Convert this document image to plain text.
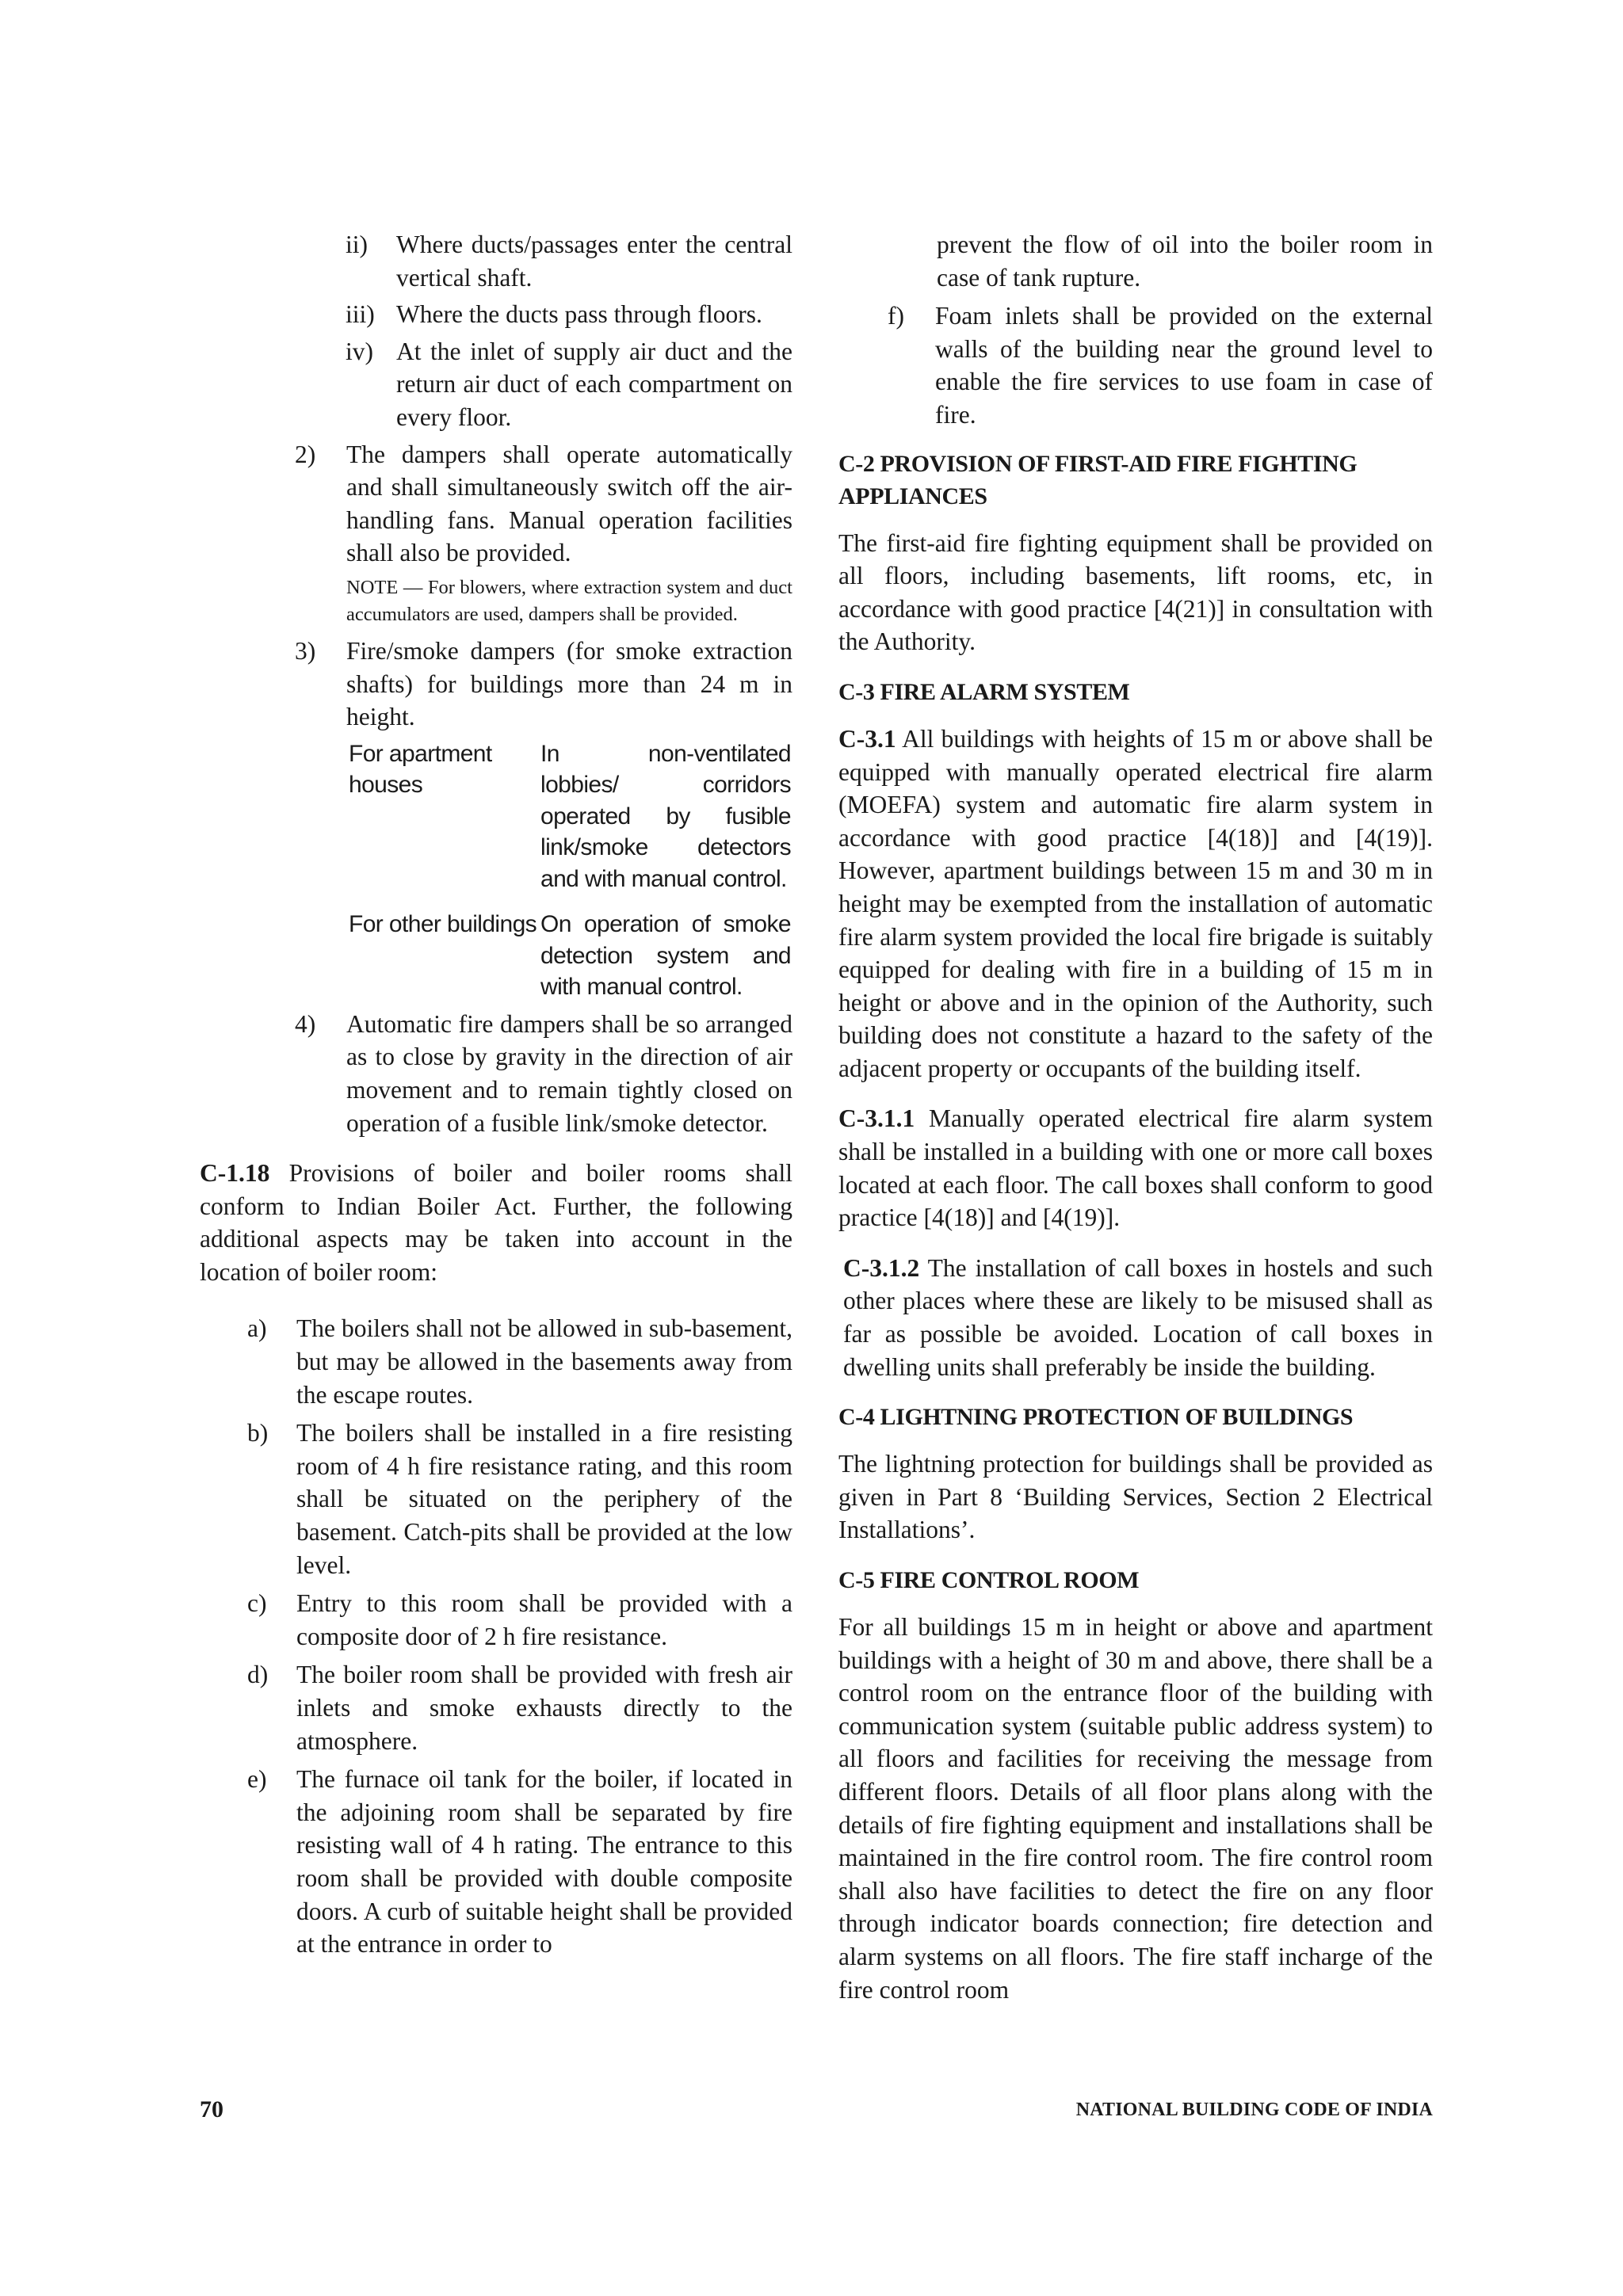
ii) Where ducts/passages enter the central vertical shaft.
iii) Where the ducts pass through floors.
iv) At the inlet of supply air duct and the return air duct of each compartment on every floor.
2) The dampers shall operate automatically and shall simultaneously switch off the air-handling fans. Manual operation facilities shall also be provided.
NOTE — For blowers, where extraction system and duct accumulators are used, dampers shall be provided.
3) Fire/smoke dampers (for smoke extraction shafts) for buildings more than 24 m in height.
For apartment houses
In non-ventilated lobbies/ corridors operated by fusible link/smoke detectors and with manual control.
For other buildings On operation of smoke detection system and with manual control.
4) Automatic fire dampers shall be so arranged as to close by gravity in the direction of air movement and to remain tightly closed on operation of a fusible link/smoke detector.

C-1.18 Provisions of boiler and boiler rooms shall conform to Indian Boiler Act. Further, the following additional aspects may be taken into account in the location of boiler room:

a) The boilers shall not be allowed in sub-basement, but may be allowed in the basements away from the escape routes.
b) The boilers shall be installed in a fire resisting room of 4 h fire resistance rating, and this room shall be situated on the periphery of the basement. Catch-pits shall be provided at the low level.
c) Entry to this room shall be provided with a composite door of 2 h fire resistance.
d) The boiler room shall be provided with fresh air inlets and smoke exhausts directly to the atmosphere.
e) The furnace oil tank for the boiler, if located in the adjoining room shall be separated by fire resisting wall of 4 h rating. The entrance to this room shall be provided with double composite doors. A curb of suitable height shall be provided at the entrance in order to

prevent the flow of oil into the boiler room in case of tank rupture.

f) Foam inlets shall be provided on the external walls of the building near the ground level to enable the fire services to use foam in case of fire.
C-2 PROVISION OF FIRST-AID FIRE FIGHTING APPLIANCES

The first-aid fire fighting equipment shall be provided on all floors, including basements, lift rooms, etc, in accordance with good practice [4(21)] in consultation with the Authority.

C-3 FIRE ALARM SYSTEM

C-3.1 All buildings with heights of 15 m or above shall be equipped with manually operated electrical fire alarm (MOEFA) system and automatic fire alarm system in accordance with good practice [4(18)] and [4(19)]. However, apartment buildings between 15 m and 30 m in height may be exempted from the installation of automatic fire alarm system provided the local fire brigade is suitably equipped for dealing with fire in a building of 15 m in height or above and in the opinion of the Authority, such building does not constitute a hazard to the safety of the adjacent property or occupants of the building itself.

C-3.1.1 Manually operated electrical fire alarm system shall be installed in a building with one or more call boxes located at each floor. The call boxes shall conform to good practice [4(18)] and [4(19)].

C-3.1.2 The installation of call boxes in hostels and such other places where these are likely to be misused shall as far as possible be avoided. Location of call boxes in dwelling units shall preferably be inside the building.

C-4 LIGHTNING PROTECTION OF BUILDINGS

The lightning protection for buildings shall be provided as given in Part 8 ‘Building Services, Section 2 Electrical Installations’.

C-5 FIRE CONTROL ROOM

For all buildings 15 m in height or above and apartment buildings with a height of 30 m and above, there shall be a control room on the entrance floor of the building with communication system (suitable public address system) to all floors and facilities for receiving the message from different floors. Details of all floor plans along with the details of fire fighting equipment and installations shall be maintained in the fire control room. The fire control room shall also have facilities to detect the fire on any floor through indicator boards connection; fire detection and alarm systems on all floors. The fire staff incharge of the fire control room

70	NATIONAL BUILDING CODE OF INDIA
